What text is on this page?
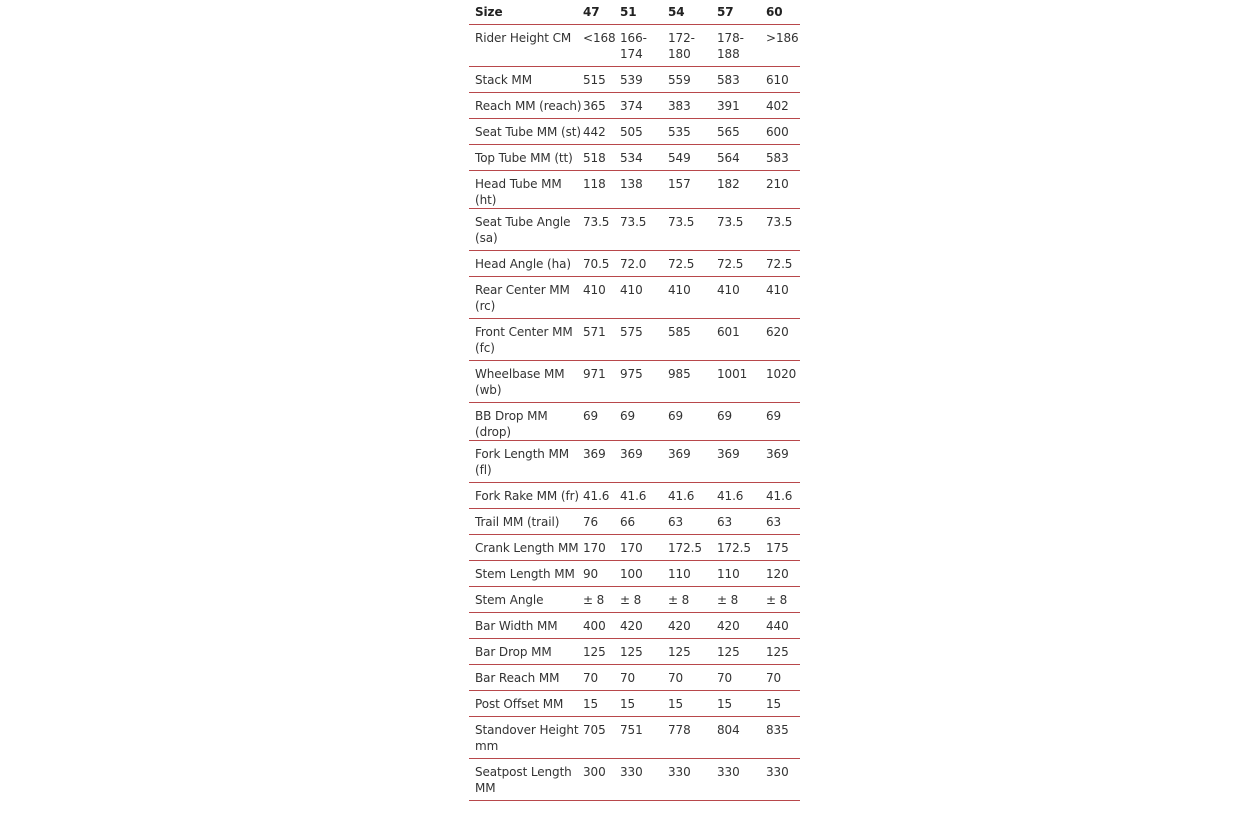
Size	47	51	54	57	60
Rider Height CM	<168	166-174	172-180	178-188	>186
Stack MM	515	539	559	583	610
Reach MM (reach)	365	374	383	391	402
Seat Tube MM (st)	442	505	535	565	600
Top Tube MM (tt)	518	534	549	564	583
Head Tube MM (ht)	118	138	157	182	210
Seat Tube Angle (sa)	73.5	73.5	73.5	73.5	73.5
Head Angle (ha)	70.5	72.0	72.5	72.5	72.5
Rear Center MM (rc)	410	410	410	410	410
Front Center MM (fc)	571	575	585	601	620
Wheelbase MM (wb)	971	975	985	1001	1020
BB Drop MM (drop)	69	69	69	69	69
Fork Length MM (fl)	369	369	369	369	369
Fork Rake MM (fr)	41.6	41.6	41.6	41.6	41.6
Trail MM (trail)	76	66	63	63	63
Crank Length MM	170	170	172.5	172.5	175
Stem Length MM	90	100	110	110	120
Stem Angle	± 8	± 8	± 8	± 8	± 8
Bar Width MM	400	420	420	420	440
Bar Drop MM	125	125	125	125	125
Bar Reach MM	70	70	70	70	70
Post Offset MM	15	15	15	15	15
Standover Height mm	705	751	778	804	835
Seatpost Length MM	300	330	330	330	330
